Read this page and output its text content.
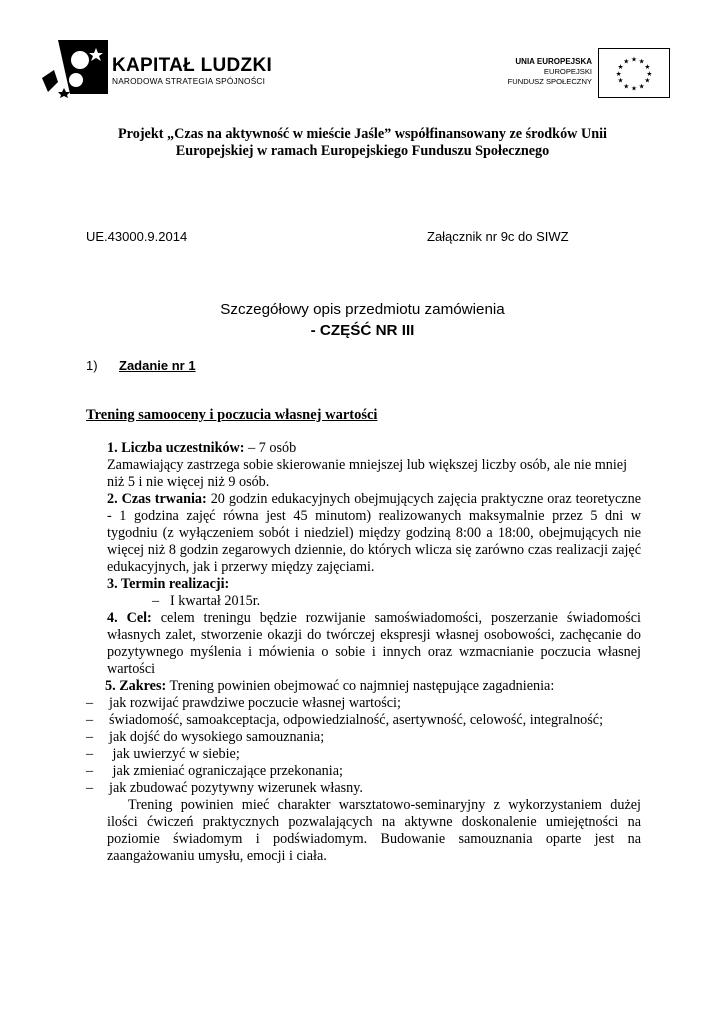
KAPITAŁ LUDZKI
NARODOWA STRATEGIA SPÓJNOŚCI
UNIA EUROPEJSKA
EUROPEJSKI
FUNDUSZ SPOŁECZNY
★ ★
★
★
★
★
★
★
★
★
★
★
Projekt „Czas na aktywność w mieście Jaśle” współfinansowany ze środków Unii
Europejskiej w ramach Europejskiego Funduszu Społecznego
UE.43000.9.2014	Załącznik nr 9c do SIWZ
Szczegółowy opis przedmiotu zamówienia
- CZĘŚĆ NR III
1) Zadanie nr 1
Trening samooceny i poczucia własnej wartości

1. Liczba uczestników: – 7 osób

Zamawiający zastrzega sobie skierowanie mniejszej lub większej liczby osób, ale nie mniej niż 5 i nie więcej niż 9 osób.

2. Czas trwania: 20 godzin edukacyjnych obejmujących zajęcia praktyczne oraz teoretyczne - 1 godzina zajęć równa jest 45 minutom) realizowanych maksymalnie przez 5 dni w tygodniu (z wyłączeniem sobót i niedziel) między godziną 8:00 a 18:00, obejmujących nie więcej niż 8 godzin zegarowych dziennie, do których wlicza się zarówno czas realizacji zajęć edukacyjnych, jak i przerwy między zajęciami.

3. Termin realizacji:

– I kwartał 2015r.

4. Cel: celem treningu będzie rozwijanie samoświadomości, poszerzanie świadomości własnych zalet, stworzenie okazji do twórczej ekspresji własnej osobowości, zachęcanie do pozytywnego myślenia i mówienia o sobie i innych oraz wzmacnianie poczucia własnej wartości

5. Zakres: Trening powinien obejmować co najmniej następujące zagadnienia:

–	jak rozwijać prawdziwe poczucie własnej wartości;
–	świadomość, samoakceptacja, odpowiedzialność, asertywność, celowość, integralność;
–	jak dojść do wysokiego samouznania;
–	jak uwierzyć w siebie;
–	jak zmieniać ograniczające przekonania;
–	jak zbudować pozytywny wizerunek własny.

Trening powinien mieć charakter warsztatowo-seminaryjny z wykorzystaniem dużej ilości ćwiczeń praktycznych pozwalających na aktywne doskonalenie umiejętności na poziomie świadomym i podświadomym. Budowanie samouznania oparte jest na zaangażowaniu umysłu, emocji i ciała.
